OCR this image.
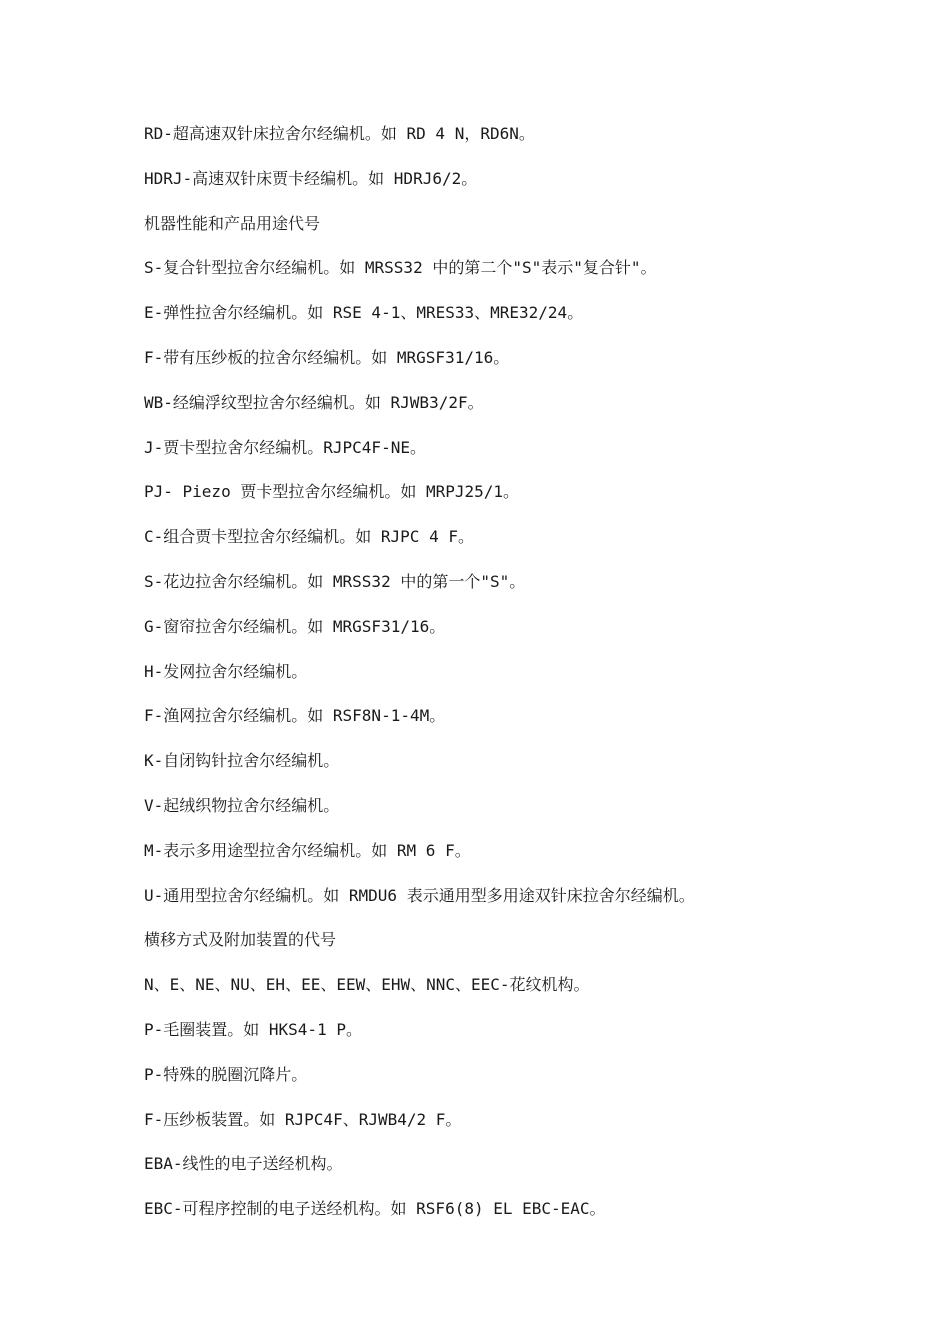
RD-超高速双针床拉舍尔经编机。如 RD 4 N，RD6N。
HDRJ-高速双针床贾卡经编机。如 HDRJ6/2。
机器性能和产品用途代号
S-复合针型拉舍尔经编机。如 MRSS32 中的第二个"S"表示"复合针"。
E-弹性拉舍尔经编机。如 RSE 4-1、MRES33、MRE32/24。
F-带有压纱板的拉舍尔经编机。如 MRGSF31/16。
WB-经编浮纹型拉舍尔经编机。如 RJWB3/2F。
J-贾卡型拉舍尔经编机。RJPC4F-NE。
PJ- Piezo 贾卡型拉舍尔经编机。如 MRPJ25/1。
C-组合贾卡型拉舍尔经编机。如 RJPC 4 F。
S-花边拉舍尔经编机。如 MRSS32 中的第一个"S"。
G-窗帘拉舍尔经编机。如 MRGSF31/16。
H-发网拉舍尔经编机。
F-渔网拉舍尔经编机。如 RSF8N-1-4M。
K-自闭钩针拉舍尔经编机。
V-起绒织物拉舍尔经编机。
M-表示多用途型拉舍尔经编机。如 RM 6 F。
U-通用型拉舍尔经编机。如 RMDU6 表示通用型多用途双针床拉舍尔经编机。
横移方式及附加装置的代号
N、E、NE、NU、EH、EE、EEW、EHW、NNC、EEC-花纹机构。
P-毛圈装置。如 HKS4-1 P。
P-特殊的脱圈沉降片。
F-压纱板装置。如 RJPC4F、RJWB4/2 F。
EBA-线性的电子送经机构。
EBC-可程序控制的电子送经机构。如 RSF6(8) EL EBC-EAC。
